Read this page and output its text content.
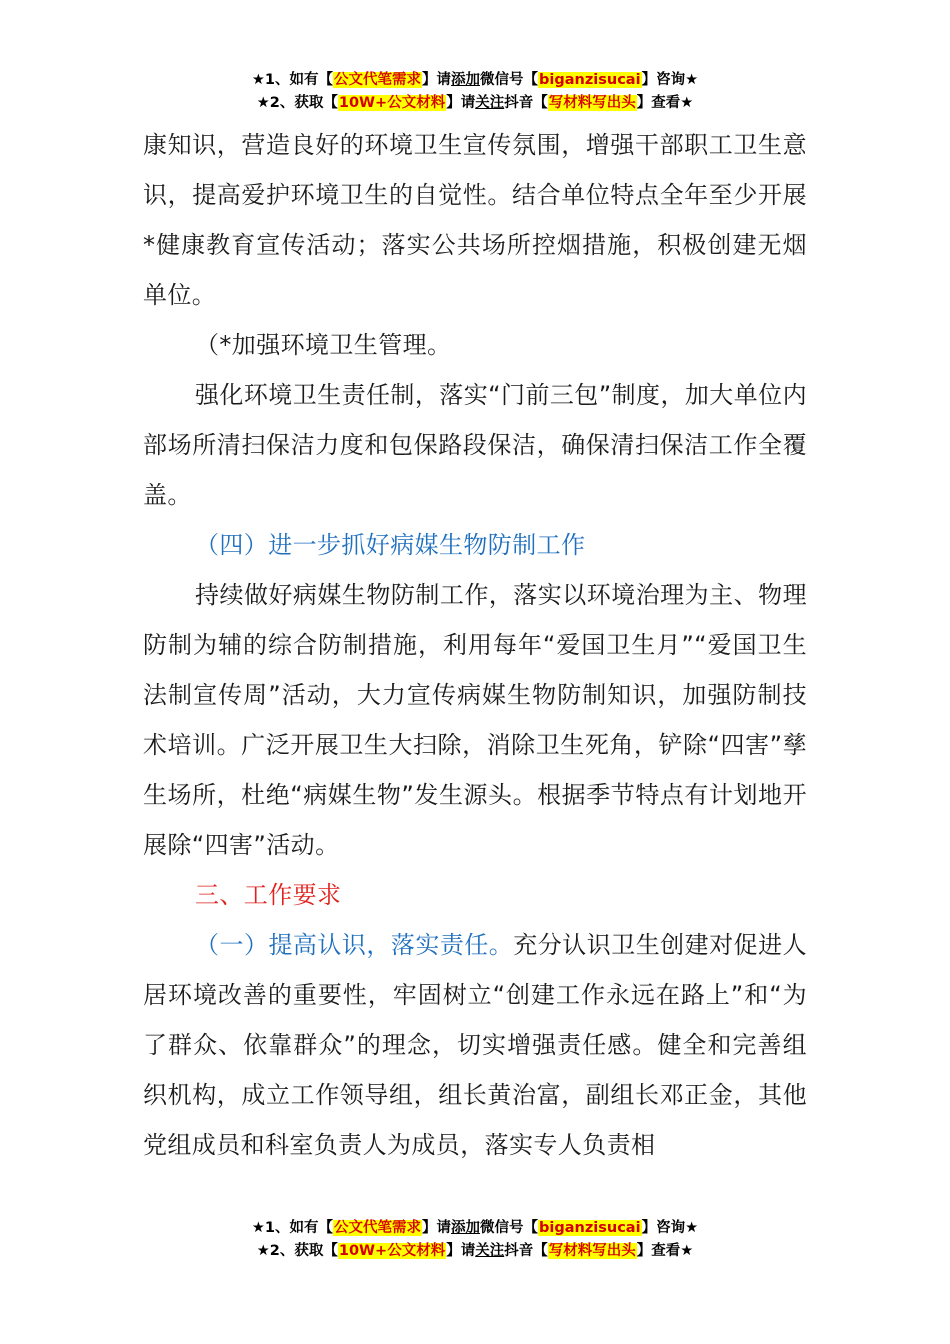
★1、如有【公文代笔需求】请添加微信号【biganzisucai】咨询★
★2、获取【10W+公文材料】请关注抖音【写材料写出头】查看★

康知识，营造良好的环境卫生宣传氛围，增强干部职工卫生意识，提高爱护环境卫生的自觉性。结合单位特点全年至少开展*健康教育宣传活动；落实公共场所控烟措施，积极创建无烟单位。

（*加强环境卫生管理。

强化环境卫生责任制，落实“门前三包”制度，加大单位内部场所清扫保洁力度和包保路段保洁，确保清扫保洁工作全覆盖。

（四）进一步抓好病媒生物防制工作

持续做好病媒生物防制工作，落实以环境治理为主、物理防制为辅的综合防制措施，利用每年“爱国卫生月”“爱国卫生法制宣传周”活动，大力宣传病媒生物防制知识，加强防制技术培训。广泛开展卫生大扫除，消除卫生死角，铲除“四害”孳生场所，杜绝“病媒生物”发生源头。根据季节特点有计划地开展除“四害”活动。

三、工作要求

（一）提高认识，落实责任。充分认识卫生创建对促进人居环境改善的重要性，牢固树立“创建工作永远在路上”和“为了群众、依靠群众”的理念，切实增强责任感。健全和完善组织机构，成立工作领导组，组长黄治富，副组长邓正金，其他党组成员和科室负责人为成员，落实专人负责相

★1、如有【公文代笔需求】请添加微信号【biganzisucai】咨询★
★2、获取【10W+公文材料】请关注抖音【写材料写出头】查看★
